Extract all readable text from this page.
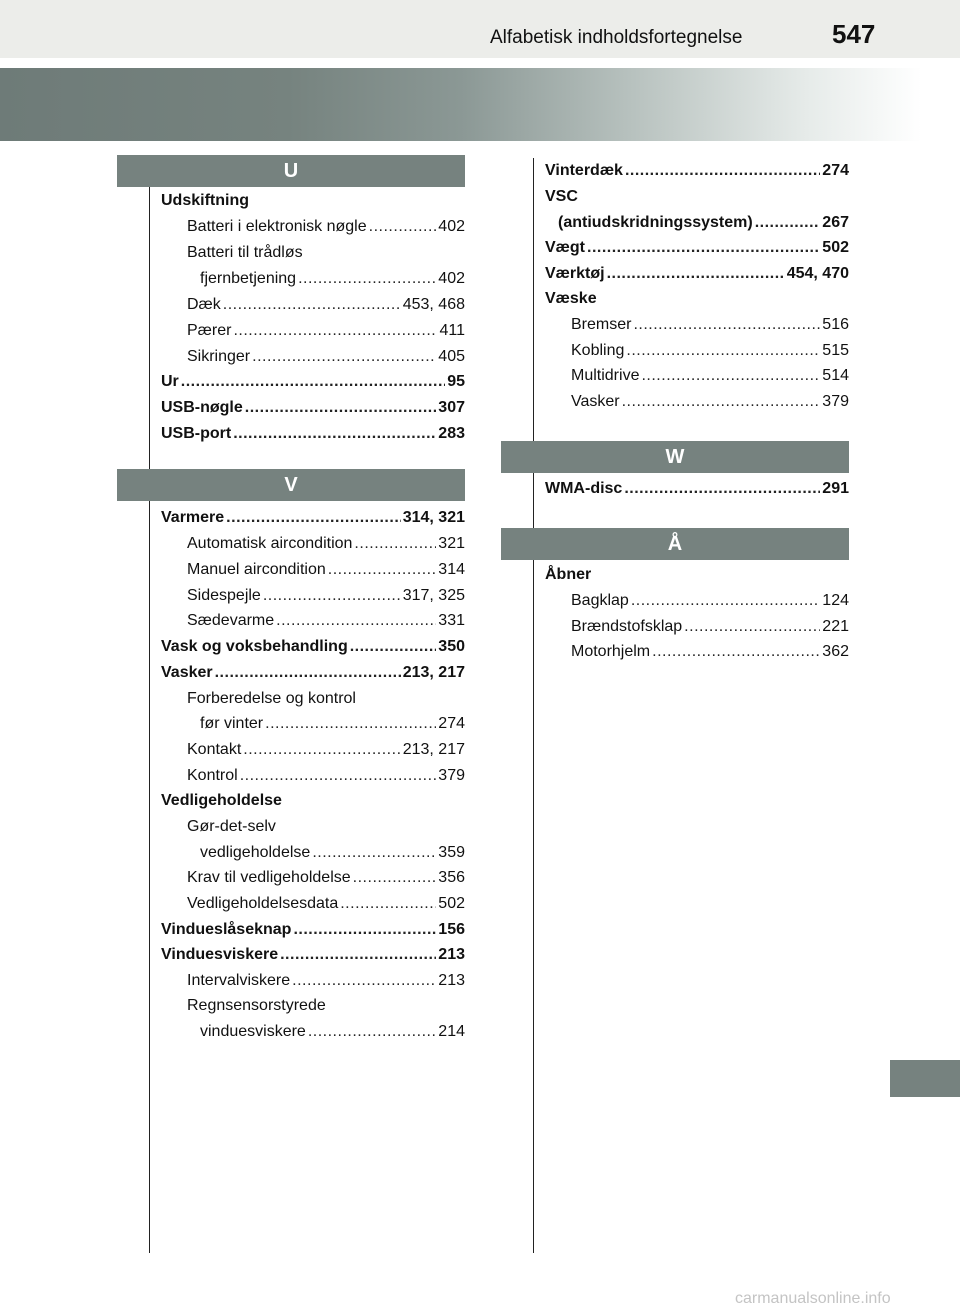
Alfabetisk indholdsfortegnelse	547
U
Udskiftning
Batteri i elektronisk nøgle .....	402
Batteri til trådløs
fjernbetjening .....	402
Dæk .....	453, 468
Pærer .....	411
Sikringer .....	405
Ur .....	95
USB-nøgle .....	307
USB-port .....	283
V
Varmere .....	314, 321
Automatisk aircondition .....	321
Manuel aircondition .....	314
Sidespejle .....	317, 325
Sædevarme .....	331
Vask og voksbehandling .....	350
Vasker .....	213, 217
Forberedelse og kontrol
før vinter .....	274
Kontakt .....	213, 217
Kontrol .....	379
Vedligeholdelse
Gør-det-selv
vedligeholdelse .....	359
Krav til vedligeholdelse .....	356
Vedligeholdelsesdata .....	502
Vindueslåseknap .....	156
Vinduesviskere .....	213
Intervalviskere .....	213
Regnsensorstyrede
vinduesviskere .....	214
Vinterdæk .....	274
VSC
(antiudskridningssystem) .....	267
Vægt .....	502
Værktøj .....	454, 470
Væske
Bremser .....	516
Kobling .....	515
Multidrive .....	514
Vasker .....	379
W
WMA-disc .....	291
Å
Åbner
Bagklap .....	124
Brændstofsklap .....	221
Motorhjelm .....	362
carmanualsonline.info
